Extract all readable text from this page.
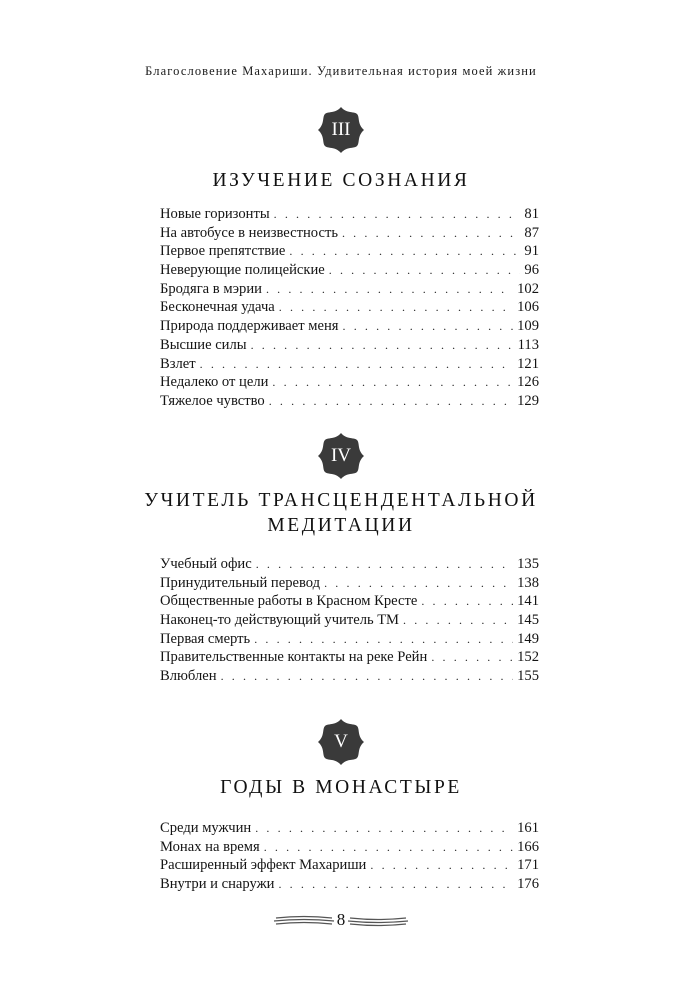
Благословение Махариши. Удивительная история моей жизни
III
ИЗУЧЕНИЕ СОЗНАНИЯ
Новые горизонты . . .	81
На автобусе в неизвестность . . .	87
Первое препятствие . . .	91
Неверующие полицейские . . .	96
Бродяга в мэрии . . .	102
Бесконечная удача . . .	106
Природа поддерживает меня . . .	109
Высшие силы . . .	113
Взлет . . .	121
Недалеко от цели . . .	126
Тяжелое чувство . . .	129
IV
УЧИТЕЛЬ ТРАНСЦЕНДЕНТАЛЬНОЙ
МЕДИТАЦИИ
Учебный офис . . .	135
Принудительный перевод . . .	138
Общественные работы в Красном Кресте . . .	141
Наконец-то действующий учитель ТМ . . .	145
Первая смерть . . .	149
Правительственные контакты на реке Рейн . . .	152
Влюблен . . .	155
V
ГОДЫ В МОНАСТЫРЕ
Среди мужчин . . .	161
Монах на время . . .	166
Расширенный эффект Махариши . . .	171
Внутри и снаружи . . .	176
8
